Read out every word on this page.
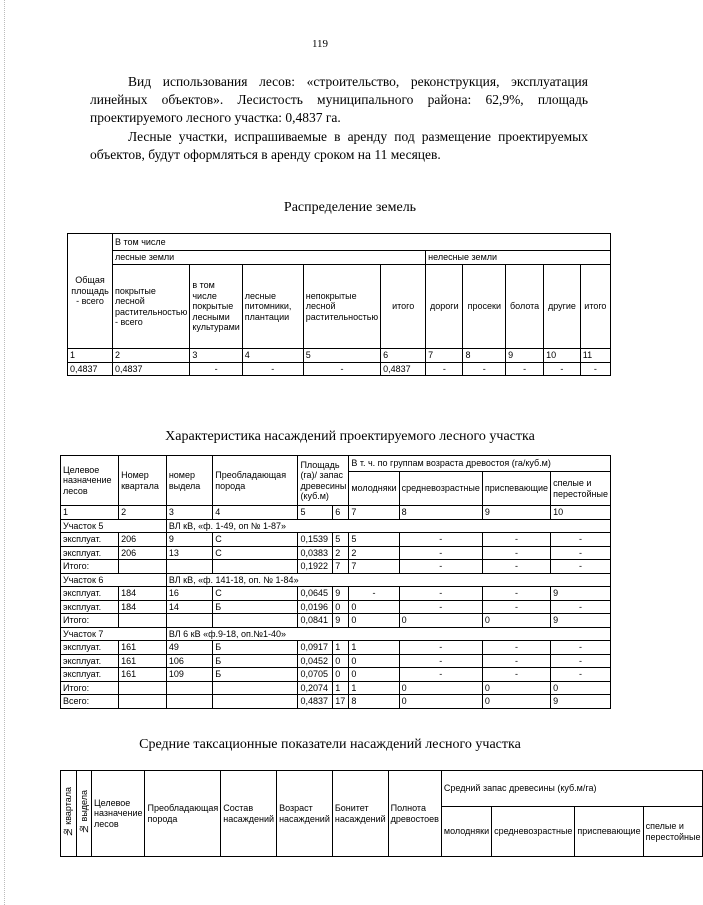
119

Вид использования лесов: «строительство, реконструкция, эксплуатация линейных объектов». Лесистость муниципального района: 62,9%, площадь проектируемого лесного участка: 0,4837 га.

Лесные участки, испрашиваемые в аренду под размещение проектируемых объектов, будут оформляться в аренду сроком на 11 месяцев.

Распределение земель
Общая площадь - всего	В том числе									
	лесные земли					нелесные земли				
	покрытые лесной растительностью - всего	в том числе покрытые лесными культурами	лесные питомники, плантации	непокрытые лесной растительностью	итого	дороги	просеки	болота	другие	итого
1	2	3	4	5	6	7	8	9	10	11
0,4837	0,4837	-	-	-	0,4837	-	-	-	-	-
Характеристика насаждений проектируемого лесного участка
Целевое назначение лесов	Номер квартала	номер выдела	Преобладающая порода	Площадь (га)/ запас древесины (куб.м)		В т. ч. по группам возраста древостоя (га/куб.м)			
						молодняки	средневозрастные	приспевающие	спелые и перестойные
1	2	3	4	5	6	7	8	9	10
Участок 5		ВЛ кВ, «ф. 1-49, оп № 1-87»							
эксплуат.	206	9	С	0,1539	5	5	-	-	-
эксплуат.	206	13	С	0,0383	2	2	-	-	-
Итого:				0,1922	7	7	-	-	-
Участок 6		ВЛ кВ, «ф. 141-18, оп. № 1-84»							
эксплуат.	184	16	С	0,0645	9	-	-	-	9
эксплуат.	184	14	Б	0,0196	0	0	-	-	-
Итого:				0,0841	9	0	0	0	9
Участок 7		ВЛ 6 кВ «ф.9-18, оп.№1-40»							
эксплуат.	161	49	Б	0,0917	1	1	-	-	-
эксплуат.	161	106	Б	0,0452	0	0	-	-	-
эксплуат.	161	109	Б	0,0705	0	0	-	-	-
Итого:				0,2074	1	1	0	0	0
Всего:				0,4837	17	8	0	0	9
Средние таксационные показатели насаждений лесного участка
№ квартала	№ выдела	Целевое назначение лесов	Преобладающая порода	Состав насаждений	Возраст насаждений	Бонитет насаждений	Полнота древостоев	Средний запас древесины (куб.м/га)			
								молодняки	средневозрастные	приспевающие	спелые и перестойные
